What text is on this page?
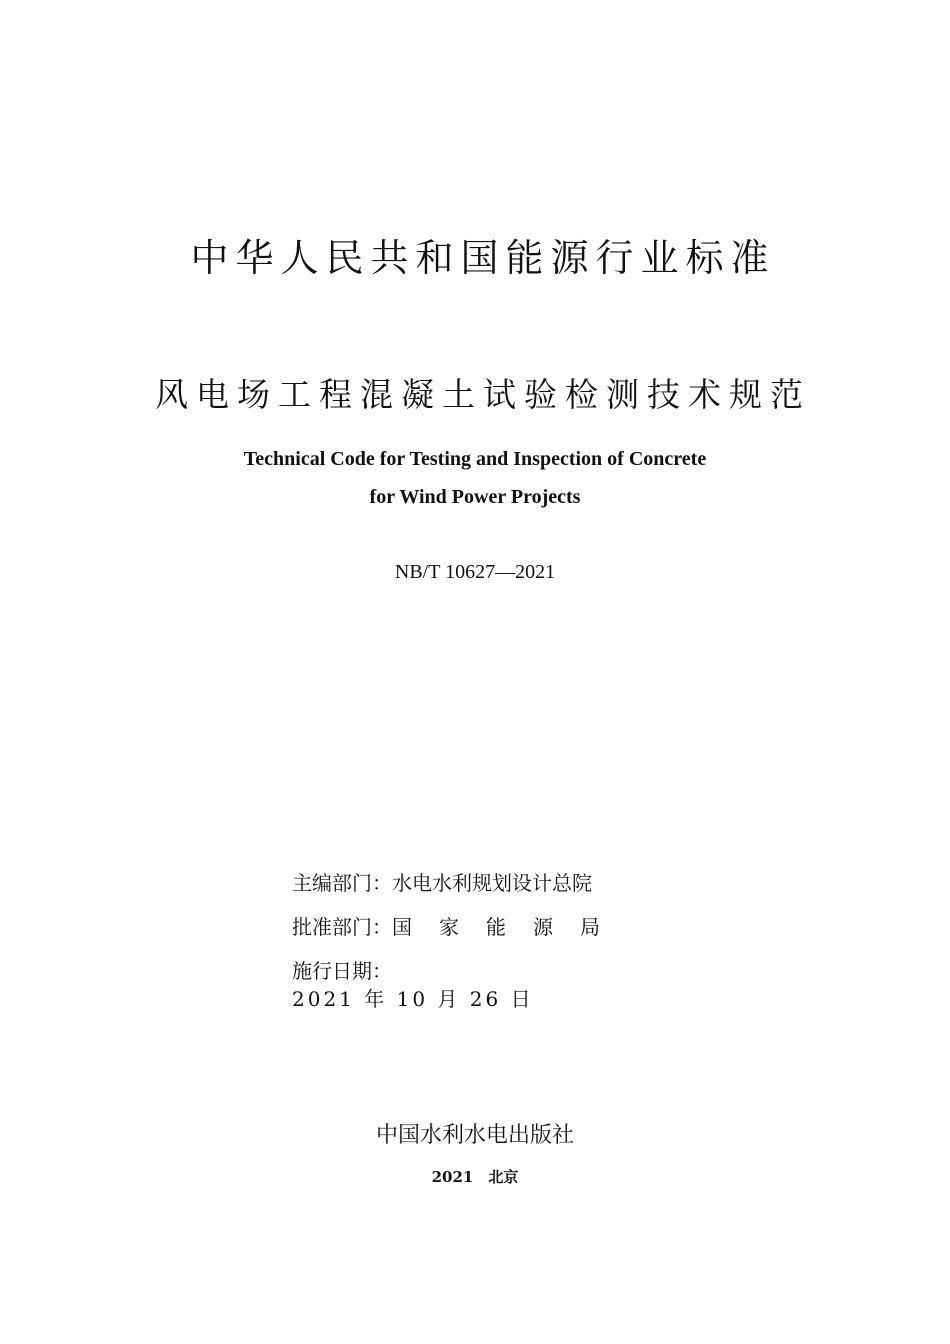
中华人民共和国能源行业标准
风电场工程混凝土试验检测技术规范
Technical Code for Testing and Inspection of Concrete
for Wind Power Projects
NB/T 10627—2021
主编部门：水电水利规划设计总院
批准部门：国家能源局
施行日期：2021 年 10 月 26 日
中国水利水电出版社
2021　北京
